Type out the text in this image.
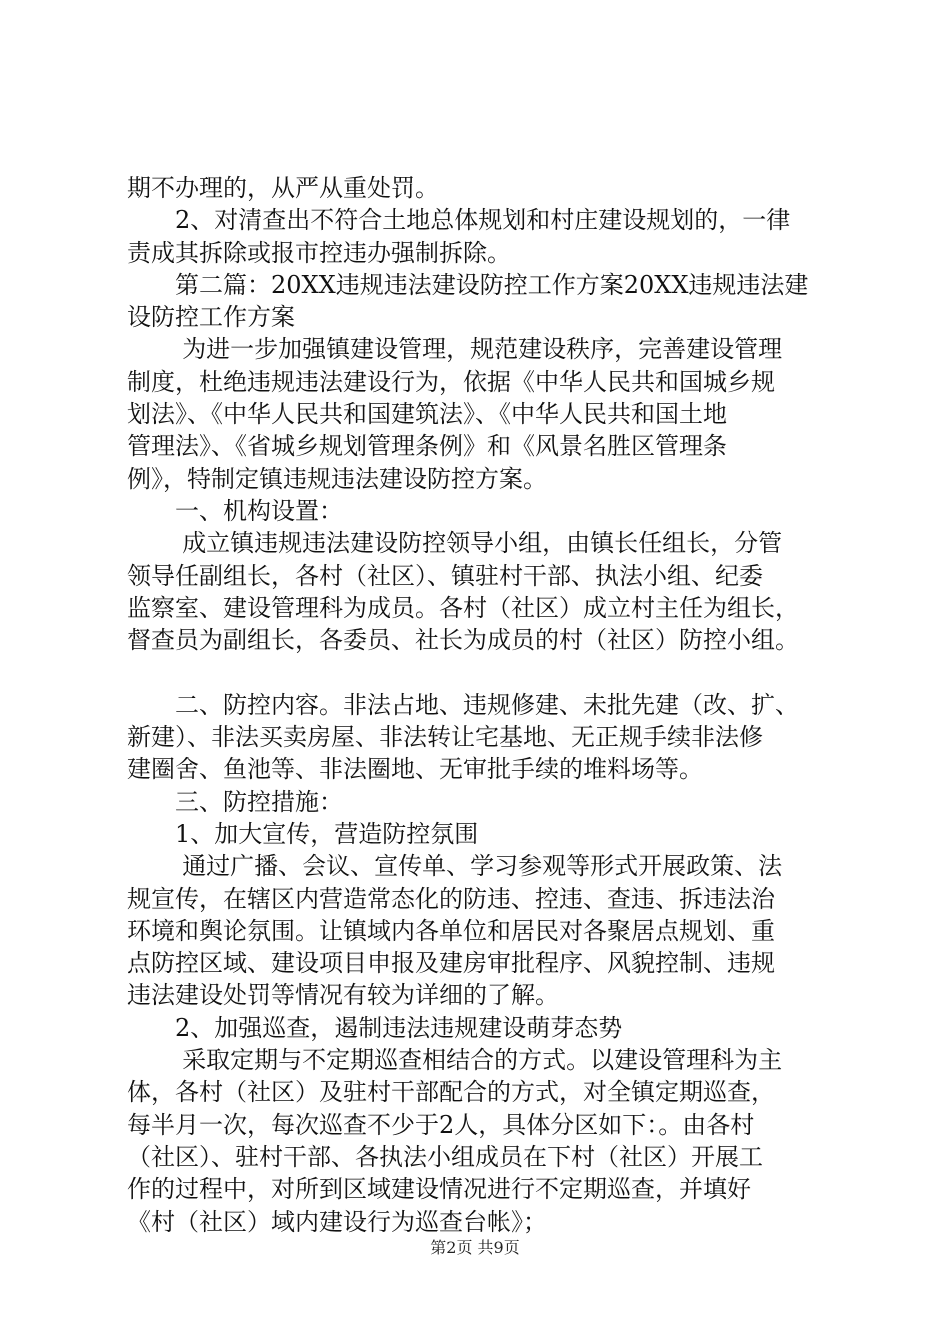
期不办理的，从严从重处罚。
2、对清查出不符合土地总体规划和村庄建设规划的，一律
责成其拆除或报市控违办强制拆除。
第二篇：20XX违规违法建设防控工作方案20XX违规违法建
设防控工作方案
为进一步加强镇建设管理，规范建设秩序，完善建设管理
制度，杜绝违规违法建设行为，依据《中华人民共和国城乡规
划法》、《中华人民共和国建筑法》、《中华人民共和国土地
管理法》、《省城乡规划管理条例》和《风景名胜区管理条
例》，特制定镇违规违法建设防控方案。
一、机构设置：
成立镇违规违法建设防控领导小组，由镇长任组长，分管
领导任副组长，各村（社区）、镇驻村干部、执法小组、纪委
监察室、建设管理科为成员。各村（社区）成立村主任为组长，
督查员为副组长，各委员、社长为成员的村（社区）防控小组。
二、防控内容。非法占地、违规修建、未批先建（改、扩、
新建）、非法买卖房屋、非法转让宅基地、无正规手续非法修
建圈舍、鱼池等、非法圈地、无审批手续的堆料场等。
三、防控措施：
1、加大宣传，营造防控氛围
通过广播、会议、宣传单、学习参观等形式开展政策、法
规宣传，在辖区内营造常态化的防违、控违、查违、拆违法治
环境和舆论氛围。让镇域内各单位和居民对各聚居点规划、重
点防控区域、建设项目申报及建房审批程序、风貌控制、违规
违法建设处罚等情况有较为详细的了解。
2、加强巡查，遏制违法违规建设萌芽态势
采取定期与不定期巡查相结合的方式。以建设管理科为主
体，各村（社区）及驻村干部配合的方式，对全镇定期巡查，
每半月一次，每次巡查不少于2人，具体分区如下：。由各村
（社区）、驻村干部、各执法小组成员在下村（社区）开展工
作的过程中，对所到区域建设情况进行不定期巡查，并填好
《村（社区）域内建设行为巡查台帐》；
第2页 共9页
